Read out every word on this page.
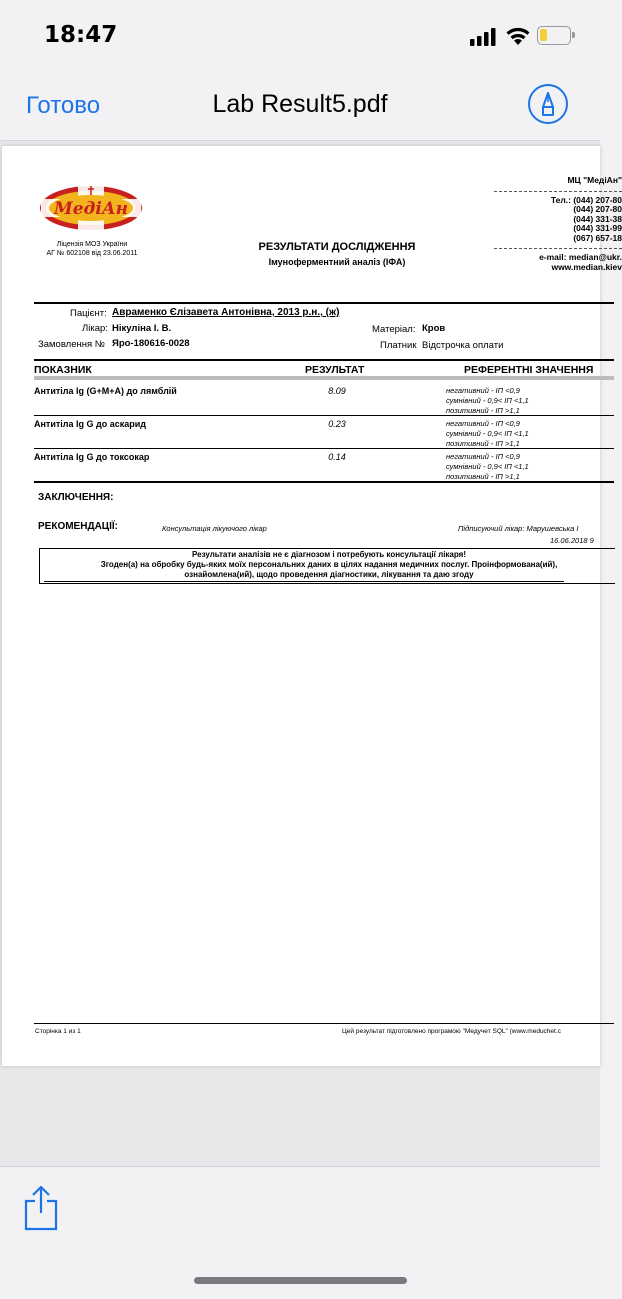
18:47
Готово	Lab Result5.pdf
МедіАн
Ліцензія МОЗ України
АГ № 602108 від 23.06.2011
РЕЗУЛЬТАТИ ДОСЛІДЖЕННЯ
Імуноферментний аналіз (ІФА)
МЦ "МедіАн"
Тел.: (044) 207-80
(044) 207-80
(044) 331-38
(044) 331-99
(067) 657-18
e-mail: median@ukr.
www.median.kiev
Пацієнт: Авраменко Єлізавета Антонівна, 2013 р.н., (ж)
Лікар: Нікуліна І. В.	Матеріал: Кров
Замовлення № Яро-180616-0028	Платник Відстрочка оплати
ПОКАЗНИК	РЕЗУЛЬТАТ	РЕФЕРЕНТНІ ЗНАЧЕННЯ
Антитіла Ig (G+M+A) до лямблій	8.09	негативний - ІП <0,9
сумнівний - 0,9< ІП <1,1
позитивний - ІП >1,1
Антитіла Ig G до аскарид	0.23	негативний - ІП <0,9
сумнівний - 0,9< ІП <1,1
позитивний - ІП >1,1
Антитіла Ig G до токсокар	0.14	негативний - ІП <0,9
сумнівний - 0,9< ІП <1,1
позитивний - ІП >1,1
ЗАКЛЮЧЕННЯ:
РЕКОМЕНДАЦІЇ:	Консультація лікуючого лікар	Підписуючий лікар: Марушевська І
16.06.2018 9
Результати аналізів не є діагнозом і потребують консультації лікаря!
Згоден(а) на обробку будь-яких моїх персональних даних в цілях надання медичних послуг. Проінформована(ий),
ознайомлена(ий), щодо проведення діагностики, лікування та даю згоду
Сторінка 1 из 1	Цей результат підготовлено програмою "Медучет SQL" (www.meduchet.c
